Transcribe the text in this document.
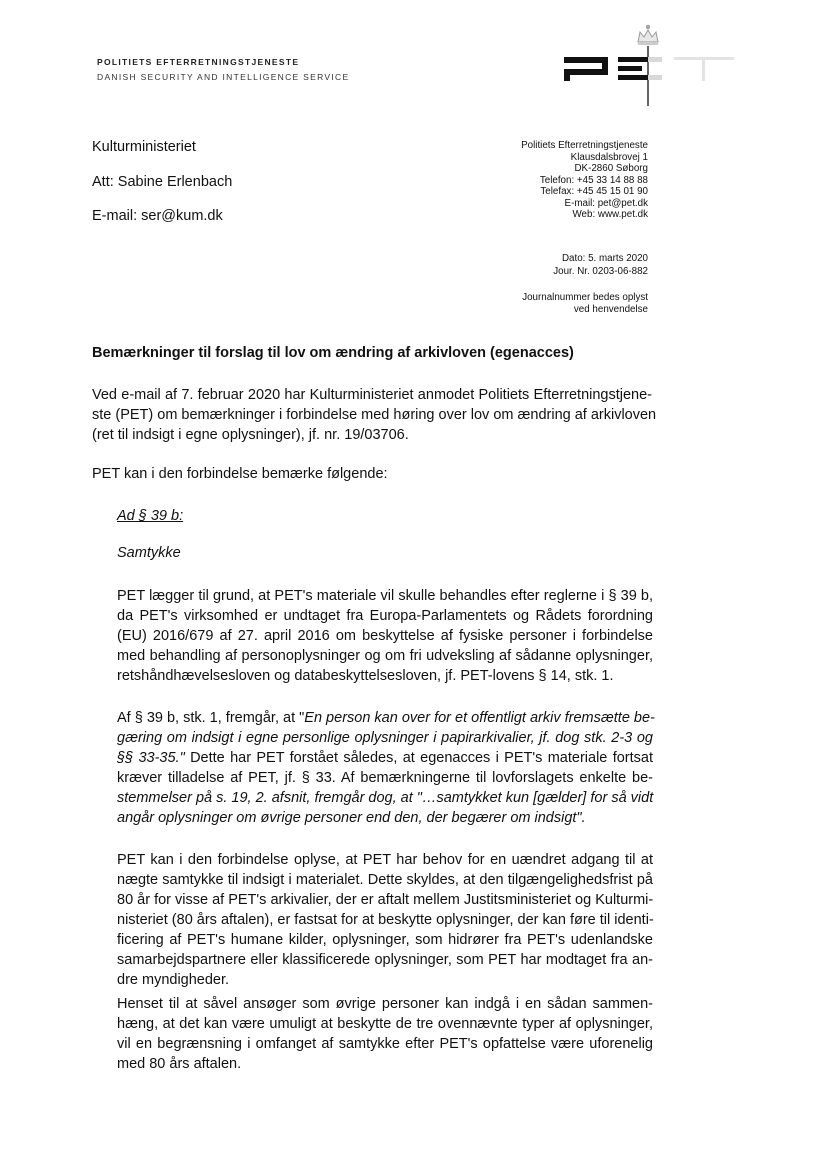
POLITIETS EFTERRETNINGSTJENESTE
DANISH SECURITY AND INTELLIGENCE SERVICE
Kulturministeriet
Att: Sabine Erlenbach
E-mail: ser@kum.dk
Politiets Efterretningstjeneste
Klausdalsbrovej 1
DK-2860 Søborg
Telefon: +45 33 14 88 88
Telefax: +45 45 15 01 90
E-mail: pet@pet.dk
Web: www.pet.dk
Dato: 5. marts 2020
Jour. Nr. 0203-06-882
Journalnummer bedes oplyst
ved henvendelse
Bemærkninger til forslag til lov om ændring af arkivloven (egenacces)
Ved e-mail af 7. februar 2020 har Kulturministeriet anmodet Politiets Efterretningstjene-
ste (PET) om bemærkninger i forbindelse med høring over lov om ændring af arkivloven
(ret til indsigt i egne oplysninger), jf. nr. 19/03706.
PET kan i den forbindelse bemærke følgende:
Ad § 39 b:
Samtykke
PET lægger til grund, at PET's materiale vil skulle behandles efter reglerne i § 39 b,
da PET's virksomhed er undtaget fra Europa-Parlamentets og Rådets forordning
(EU) 2016/679 af 27. april 2016 om beskyttelse af fysiske personer i forbindelse
med behandling af personoplysninger og om fri udveksling af sådanne oplysninger,
retshåndhævelsesloven og databeskyttelsesloven, jf. PET-lovens § 14, stk. 1.
Af § 39 b, stk. 1, fremgår, at "En person kan over for et offentligt arkiv fremsætte be-
gæring om indsigt i egne personlige oplysninger i papirarkivalier, jf. dog stk. 2-3 og
§§ 33-35." Dette har PET forstået således, at egenacces i PET's materiale fortsat
kræver tilladelse af PET, jf. § 33. Af bemærkningerne til lovforslagets enkelte be-
stemmelser på s. 19, 2. afsnit, fremgår dog, at "…samtykket kun [gælder] for så vidt
angår oplysninger om øvrige personer end den, der begærer om indsigt".
PET kan i den forbindelse oplyse, at PET har behov for en uændret adgang til at
nægte samtykke til indsigt i materialet. Dette skyldes, at den tilgængelighedsfrist på
80 år for visse af PET's arkivalier, der er aftalt mellem Justitsministeriet og Kulturmi-
nisteriet (80 års aftalen), er fastsat for at beskytte oplysninger, der kan føre til identi-
ficering af PET's humane kilder, oplysninger, som hidrører fra PET's udenlandske
samarbejdspartnere eller klassificerede oplysninger, som PET har modtaget fra an-
dre myndigheder.
Henset til at såvel ansøger som øvrige personer kan indgå i en sådan sammen-
hæng, at det kan være umuligt at beskytte de tre ovennævnte typer af oplysninger,
vil en begrænsning i omfanget af samtykke efter PET's opfattelse være uforenelig
med 80 års aftalen.
